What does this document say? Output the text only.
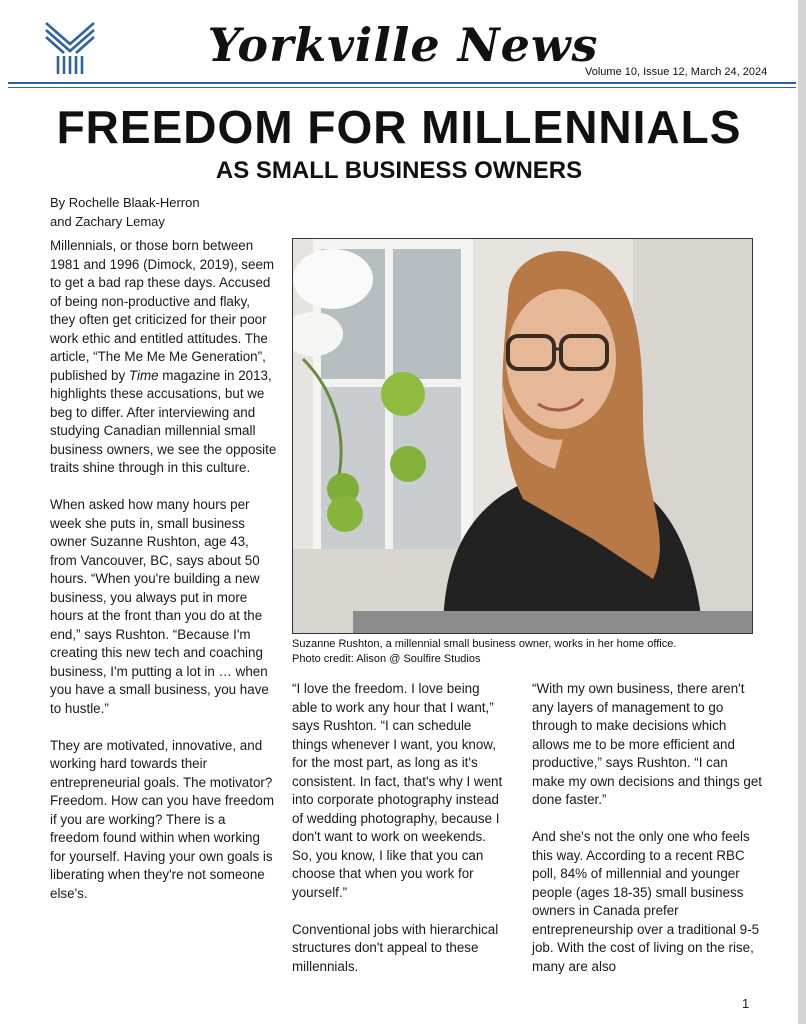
Yorkville News
Volume 10, Issue 12, March 24, 2024
FREEDOM FOR MILLENNIALS
AS SMALL BUSINESS OWNERS
By Rochelle Blaak-Herron
and Zachary Lemay

Millennials, or those born between 1981 and 1996 (Dimock, 2019), seem to get a bad rap these days. Accused of being non-productive and flaky, they often get criticized for their poor work ethic and entitled attitudes. The article, “The Me Me Me Generation”, published by Time magazine in 2013, highlights these accusations, but we beg to differ. After interviewing and studying Canadian millennial small business owners, we see the opposite traits shine through in this culture.

When asked how many hours per week she puts in, small business owner Suzanne Rushton, age 43, from Vancouver, BC, says about 50 hours. “When you're building a new business, you always put in more hours at the front than you do at the end,” says Rushton. “Because I'm creating this new tech and coaching business, I'm putting a lot in … when you have a small business, you have to hustle.”

They are motivated, innovative, and working hard towards their entrepreneurial goals. The motivator? Freedom. How can you have freedom if you are working? There is a freedom found within when working for yourself. Having your own goals is liberating when they're not someone else's.

Suzanne Rushton, a millennial small business owner, works in her home office.
Photo credit: Alison @ Soulfire Studios

“I love the freedom. I love being able to work any hour that I want,” says Rushton. “I can schedule things whenever I want, you know, for the most part, as long as it's consistent. In fact, that's why I went into corporate photography instead of wedding photography, because I don't want to work on weekends. So, you know, I like that you can choose that when you work for yourself.”

Conventional jobs with hierarchical structures don't appeal to these millennials.

“With my own business, there aren't any layers of management to go through to make decisions which allows me to be more efficient and productive,” says Rushton. “I can make my own decisions and things get done faster.”

And she's not the only one who feels this way. According to a recent RBC poll, 84% of millennial and younger people (ages 18-35) small business owners in Canada prefer entrepreneurship over a traditional 9-5 job. With the cost of living on the rise, many are also

1
